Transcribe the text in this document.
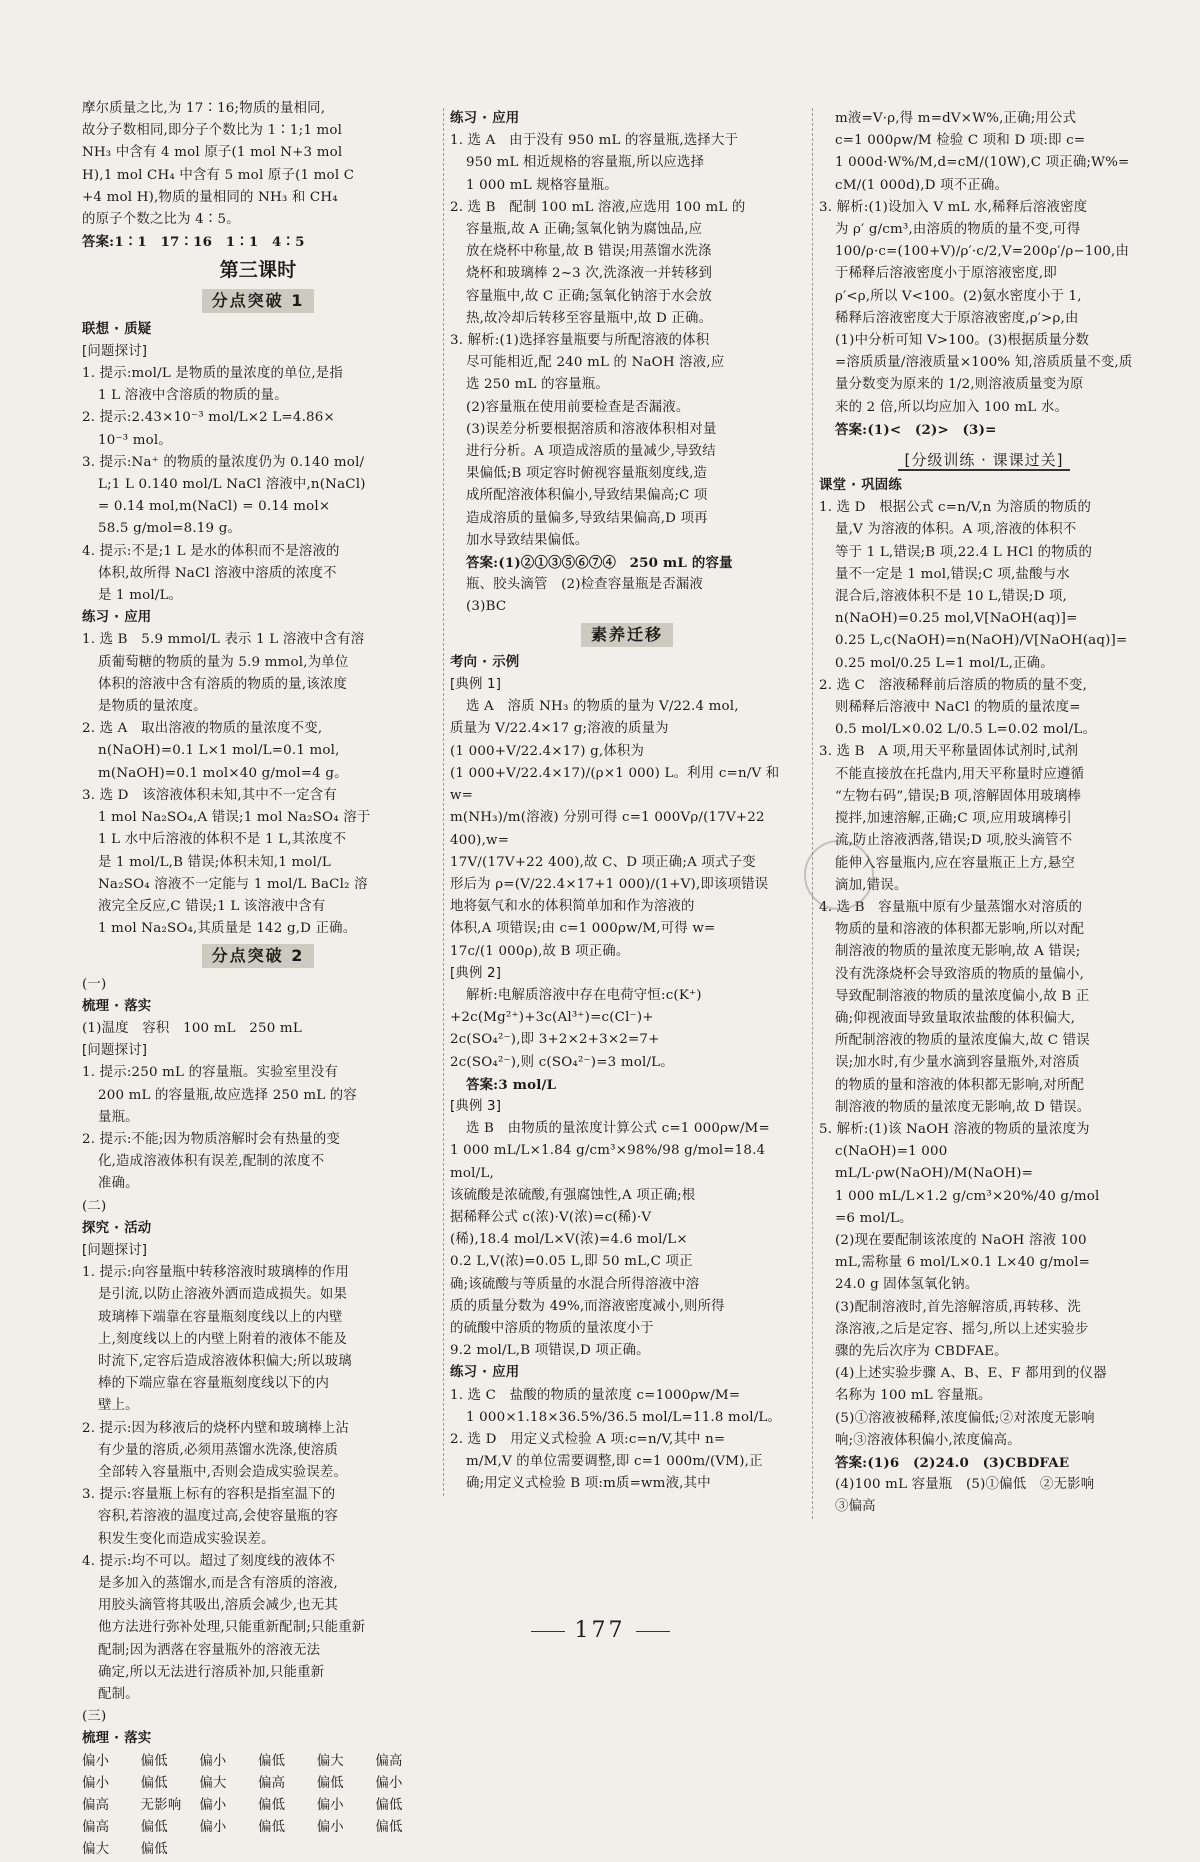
摩尔质量之比,为 17∶16;物质的量相同,

故分子数相同,即分子个数比为 1∶1;1 mol

NH₃ 中含有 4 mol 原子(1 mol N+3 mol

H),1 mol CH₄ 中含有 5 mol 原子(1 mol C

+4 mol H),物质的量相同的 NH₃ 和 CH₄

的原子个数之比为 4∶5。

答案:1∶1　17∶16　1∶1　4∶5

第三课时
分点突破 1

联想 · 质疑

[问题探讨]

1. 提示:mol/L 是物质的量浓度的单位,是指

1 L 溶液中含溶质的物质的量。

2. 提示:2.43×10⁻³ mol/L×2 L=4.86×

10⁻³ mol。

3. 提示:Na⁺ 的物质的量浓度仍为 0.140 mol/

L;1 L 0.140 mol/L NaCl 溶液中,n(NaCl)

= 0.14 mol,m(NaCl) = 0.14 mol×

58.5 g/mol=8.19 g。

4. 提示:不是;1 L 是水的体积而不是溶液的

体积,故所得 NaCl 溶液中溶质的浓度不

是 1 mol/L。

练习 · 应用

1. 选 B　5.9 mmol/L 表示 1 L 溶液中含有溶

质葡萄糖的物质的量为 5.9 mmol,为单位

体积的溶液中含有溶质的物质的量,该浓度

是物质的量浓度。

2. 选 A　取出溶液的物质的量浓度不变,

n(NaOH)=0.1 L×1 mol/L=0.1 mol,

m(NaOH)=0.1 mol×40 g/mol=4 g。

3. 选 D　该溶液体积未知,其中不一定含有

1 mol Na₂SO₄,A 错误;1 mol Na₂SO₄ 溶于

1 L 水中后溶液的体积不是 1 L,其浓度不

是 1 mol/L,B 错误;体积未知,1 mol/L

Na₂SO₄ 溶液不一定能与 1 mol/L BaCl₂ 溶

液完全反应,C 错误;1 L 该溶液中含有

1 mol Na₂SO₄,其质量是 142 g,D 正确。

分点突破 2

(一)

梳理 · 落实

(1)温度　容积　100 mL　250 mL

[问题探讨]

1. 提示:250 mL 的容量瓶。实验室里没有

200 mL 的容量瓶,故应选择 250 mL 的容

量瓶。

2. 提示:不能;因为物质溶解时会有热量的变

化,造成溶液体积有误差,配制的浓度不

准确。

(二)

探究 · 活动

[问题探讨]

1. 提示:向容量瓶中转移溶液时玻璃棒的作用

是引流,以防止溶液外洒而造成损失。如果

玻璃棒下端靠在容量瓶刻度线以上的内壁

上,刻度线以上的内壁上附着的液体不能及

时流下,定容后造成溶液体积偏大;所以玻璃

棒的下端应靠在容量瓶刻度线以下的内

壁上。

2. 提示:因为移液后的烧杯内壁和玻璃棒上沾

有少量的溶质,必须用蒸馏水洗涤,使溶质

全部转入容量瓶中,否则会造成实验误差。

3. 提示:容量瓶上标有的容积是指室温下的

容积,若溶液的温度过高,会使容量瓶的容

积发生变化而造成实验误差。

4. 提示:均不可以。超过了刻度线的液体不

是多加入的蒸馏水,而是含有溶质的溶液,

用胶头滴管将其吸出,溶质会减少,也无其

他方法进行弥补处理,只能重新配制;只能重新

配制;因为洒落在容量瓶外的溶液无法

确定,所以无法进行溶质补加,只能重新

配制。

(三)

梳理 · 落实

偏小	偏低	偏小	偏低	偏大	偏高
偏小	偏低	偏大	偏高	偏低	偏小
偏高	无影响	偏小	偏低	偏小	偏低
偏高	偏低	偏小	偏低	偏小	偏低
偏大	偏低

练习 · 应用

1. 选 A　由于没有 950 mL 的容量瓶,选择大于

950 mL 相近规格的容量瓶,所以应选择

1 000 mL 规格容量瓶。

2. 选 B　配制 100 mL 溶液,应选用 100 mL 的

容量瓶,故 A 正确;氢氧化钠为腐蚀品,应

放在烧杯中称量,故 B 错误;用蒸馏水洗涤

烧杯和玻璃棒 2~3 次,洗涤液一并转移到

容量瓶中,故 C 正确;氢氧化钠溶于水会放

热,故冷却后转移至容量瓶中,故 D 正确。

3. 解析:(1)选择容量瓶要与所配溶液的体积

尽可能相近,配 240 mL 的 NaOH 溶液,应

选 250 mL 的容量瓶。

(2)容量瓶在使用前要检查是否漏液。

(3)误差分析要根据溶质和溶液体积相对量

进行分析。A 项造成溶质的量减少,导致结

果偏低;B 项定容时俯视容量瓶刻度线,造

成所配溶液体积偏小,导致结果偏高;C 项

造成溶质的量偏多,导致结果偏高,D 项再

加水导致结果偏低。

答案:(1)②①③⑤⑥⑦④　250 mL 的容量

瓶、胶头滴管　(2)检查容量瓶是否漏液

(3)BC

素养迁移

考向 · 示例

[典例 1]

选 A　溶质 NH₃ 的物质的量为 V/22.4 mol,

质量为 V/22.4×17 g;溶液的质量为

(1 000+V/22.4×17) g,体积为

(1 000+V/22.4×17)/(ρ×1 000) L。利用 c=n/V 和 w=

m(NH₃)/m(溶液) 分别可得 c=1 000Vρ/(17V+22 400),w=

17V/(17V+22 400),故 C、D 项正确;A 项式子变

形后为 ρ=(V/22.4×17+1 000)/(1+V),即该项错误

地将氨气和水的体积简单加和作为溶液的

体积,A 项错误;由 c=1 000ρw/M,可得 w=

17c/(1 000ρ),故 B 项正确。

[典例 2]

解析:电解质溶液中存在电荷守恒:c(K⁺)

+2c(Mg²⁺)+3c(Al³⁺)=c(Cl⁻)+

2c(SO₄²⁻),即 3+2×2+3×2=7+

2c(SO₄²⁻),则 c(SO₄²⁻)=3 mol/L。

答案:3 mol/L

[典例 3]

选 B　由物质的量浓度计算公式 c=1 000ρw/M=

1 000 mL/L×1.84 g/cm³×98%/98 g/mol=18.4 mol/L,

该硫酸是浓硫酸,有强腐蚀性,A 项正确;根

据稀释公式 c(浓)·V(浓)=c(稀)·V

(稀),18.4 mol/L×V(浓)=4.6 mol/L×

0.2 L,V(浓)=0.05 L,即 50 mL,C 项正

确;该硫酸与等质量的水混合所得溶液中溶

质的质量分数为 49%,而溶液密度减小,则所得

的硫酸中溶质的物质的量浓度小于

9.2 mol/L,B 项错误,D 项正确。

练习 · 应用

1. 选 C　盐酸的物质的量浓度 c=1000ρw/M=

1 000×1.18×36.5%/36.5 mol/L=11.8 mol/L。

2. 选 D　用定义式检验 A 项:c=n/V,其中 n=

m/M,V 的单位需要调整,即 c=1 000m/(VM),正

确;用定义式检验 B 项:m质=wm液,其中

m液=V·ρ,得 m=dV×W%,正确;用公式

c=1 000ρw/M 检验 C 项和 D 项:即 c=

1 000d·W%/M,d=cM/(10W),C 项正确;W%=

cM/(1 000d),D 项不正确。

3. 解析:(1)设加入 V mL 水,稀释后溶液密度

为 ρ′ g/cm³,由溶质的物质的量不变,可得

100/ρ·c=(100+V)/ρ′·c/2,V=200ρ′/ρ−100,由

于稀释后溶液密度小于原溶液密度,即

ρ′<ρ,所以 V<100。(2)氨水密度小于 1,

稀释后溶液密度大于原溶液密度,ρ′>ρ,由

(1)中分析可知 V>100。(3)根据质量分数

=溶质质量/溶液质量×100% 知,溶质质量不变,质

量分数变为原来的 1/2,则溶液质量变为原

来的 2 倍,所以均应加入 100 mL 水。

答案:(1)<　(2)>　(3)=

[分级训练 · 课课过关]

课堂 · 巩固练

1. 选 D　根据公式 c=n/V,n 为溶质的物质的

量,V 为溶液的体积。A 项,溶液的体积不

等于 1 L,错误;B 项,22.4 L HCl 的物质的

量不一定是 1 mol,错误;C 项,盐酸与水

混合后,溶液体积不是 10 L,错误;D 项,

n(NaOH)=0.25 mol,V[NaOH(aq)]=

0.25 L,c(NaOH)=n(NaOH)/V[NaOH(aq)]=

0.25 mol/0.25 L=1 mol/L,正确。

2. 选 C　溶液稀释前后溶质的物质的量不变,

则稀释后溶液中 NaCl 的物质的量浓度=

0.5 mol/L×0.02 L/0.5 L=0.02 mol/L。

3. 选 B　A 项,用天平称量固体试剂时,试剂

不能直接放在托盘内,用天平称量时应遵循

“左物右码”,错误;B 项,溶解固体用玻璃棒

搅拌,加速溶解,正确;C 项,应用玻璃棒引

流,防止溶液洒落,错误;D 项,胶头滴管不

能伸入容量瓶内,应在容量瓶正上方,悬空

滴加,错误。

4. 选 B　容量瓶中原有少量蒸馏水对溶质的

物质的量和溶液的体积都无影响,所以对配

制溶液的物质的量浓度无影响,故 A 错误;

没有洗涤烧杯会导致溶质的物质的量偏小,

导致配制溶液的物质的量浓度偏小,故 B 正

确;仰视液面导致量取浓盐酸的体积偏大,

所配制溶液的物质的量浓度偏大,故 C 错误

误;加水时,有少量水滴到容量瓶外,对溶质

的物质的量和溶液的体积都无影响,对所配

制溶液的物质的量浓度无影响,故 D 错误。

5. 解析:(1)该 NaOH 溶液的物质的量浓度为

c(NaOH)=1 000 mL/L·ρw(NaOH)/M(NaOH)=

1 000 mL/L×1.2 g/cm³×20%/40 g/mol

=6 mol/L。

(2)现在要配制该浓度的 NaOH 溶液 100

mL,需称量 6 mol/L×0.1 L×40 g/mol=

24.0 g 固体氢氧化钠。

(3)配制溶液时,首先溶解溶质,再转移、洗

涤溶液,之后是定容、摇匀,所以上述实验步

骤的先后次序为 CBDFAE。

(4)上述实验步骤 A、B、E、F 都用到的仪器

名称为 100 mL 容量瓶。

(5)①溶液被稀释,浓度偏低;②对浓度无影响

响;③溶液体积偏小,浓度偏高。

答案:(1)6　(2)24.0　(3)CBDFAE

(4)100 mL 容量瓶　(5)①偏低　②无影响

③偏高

177
